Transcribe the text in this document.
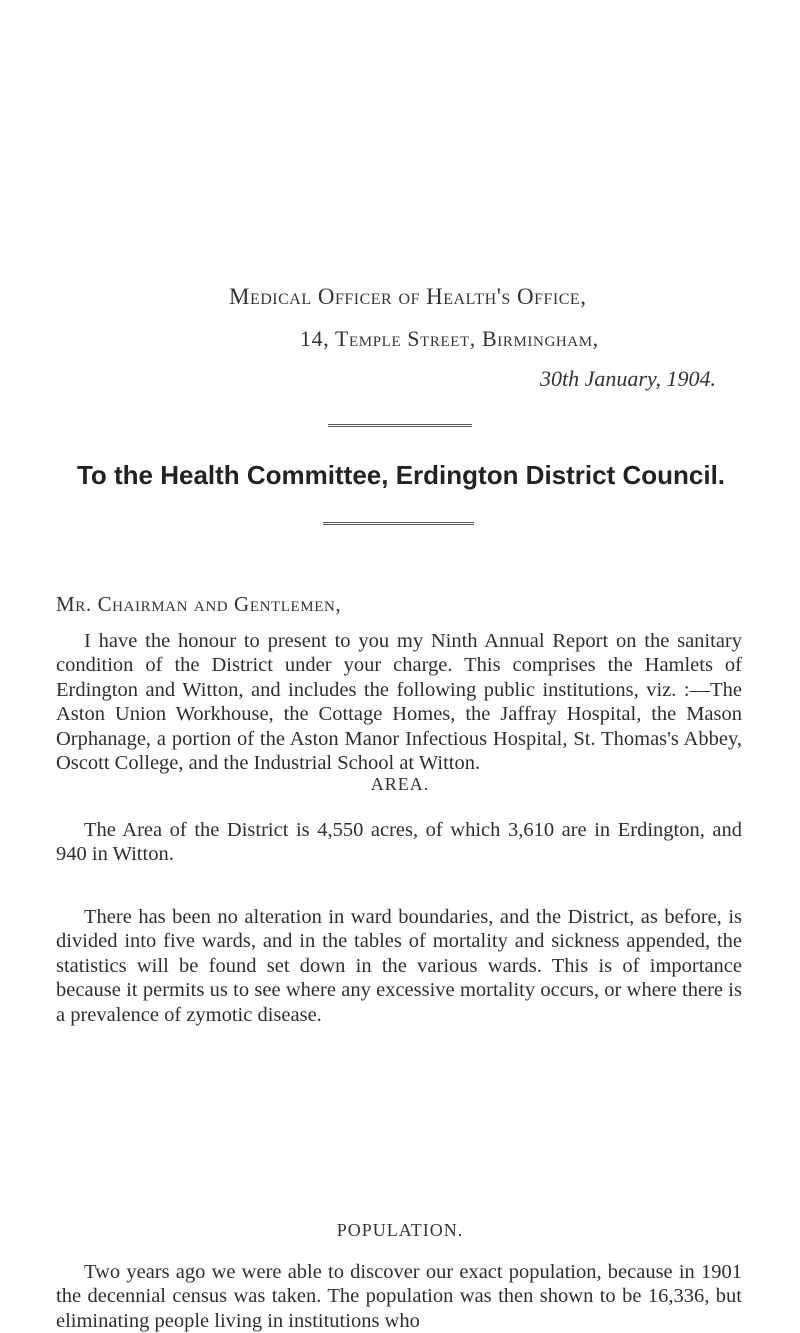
Medical Officer of Health's Office,
14, Temple Street, Birmingham,
30th January, 1904.
To the Health Committee, Erdington District Council.
Mr. Chairman and Gentlemen,
I have the honour to present to you my Ninth Annual Report on the sanitary condition of the District under your charge. This comprises the Hamlets of Erdington and Witton, and includes the following public institutions, viz. :—The Aston Union Workhouse, the Cottage Homes, the Jaffray Hospital, the Mason Orphanage, a portion of the Aston Manor Infectious Hospital, St. Thomas's Abbey, Oscott College, and the Industrial School at Witton.
AREA.
The Area of the District is 4,550 acres, of which 3,610 are in Erdington, and 940 in Witton.
There has been no alteration in ward boundaries, and the District, as before, is divided into five wards, and in the tables of mortality and sickness appended, the statistics will be found set down in the various wards. This is of importance because it permits us to see where any excessive mortality occurs, or where there is a prevalence of zymotic disease.
POPULATION.
Two years ago we were able to discover our exact population, because in 1901 the decennial census was taken. The population was then shown to be 16,336, but eliminating people living in institutions who
